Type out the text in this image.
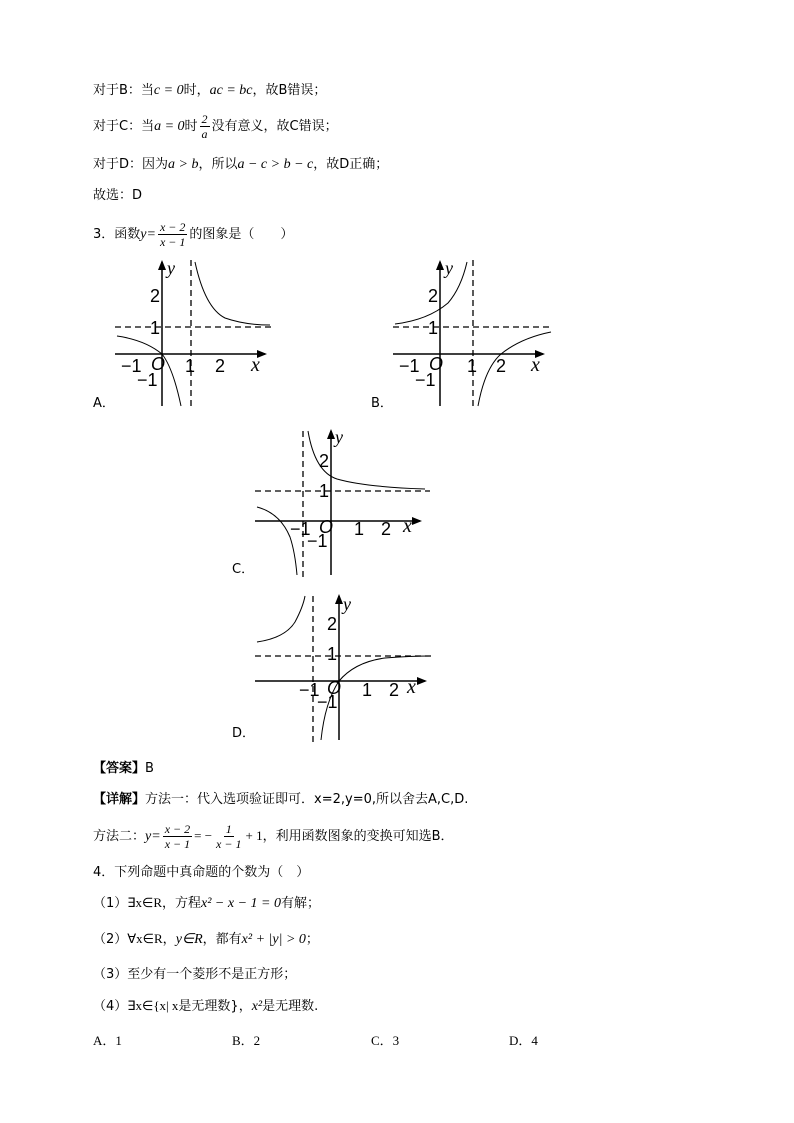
对于B：当c = 0时，ac = bc，故B错误；
对于C：当a = 0时 $\frac{2}{a}$ 没有意义，故C错误；
对于D：因为a > b，所以a − c > b − c，故D正确；
故选：D
3．函数$y= \frac{x - 2}{x - 1}$ 的图象是（　　）
y
2
1
−1 O 1 2 x
−1
A．
y
2
1
−1 O 1 2 x
−1
B．
y
2
1
−1 O 1 2 x
−1
C．
y
2
1
−1 O 1 2 x
−1
D．
【答案】B
【详解】方法一：代入选项验证即可．x=2,y=0,所以舍去A,C,D.
方法二：$y= \frac{x - 2}{x - 1}$ = − $\frac{1}{x - 1} + 1$，利用函数图象的变换可知选B．
4．下列命题中真命题的个数为（　）
（1）∃x∈R，方程x² − x − 1 = 0有解；
（2）∀x∈R，y∈R，都有x² + |y| > 0；
（3）至少有一个菱形不是正方形；
（4）∃x∈{x| x是无理数}，x²是无理数.
A．1	B．2	C．3	D．4
